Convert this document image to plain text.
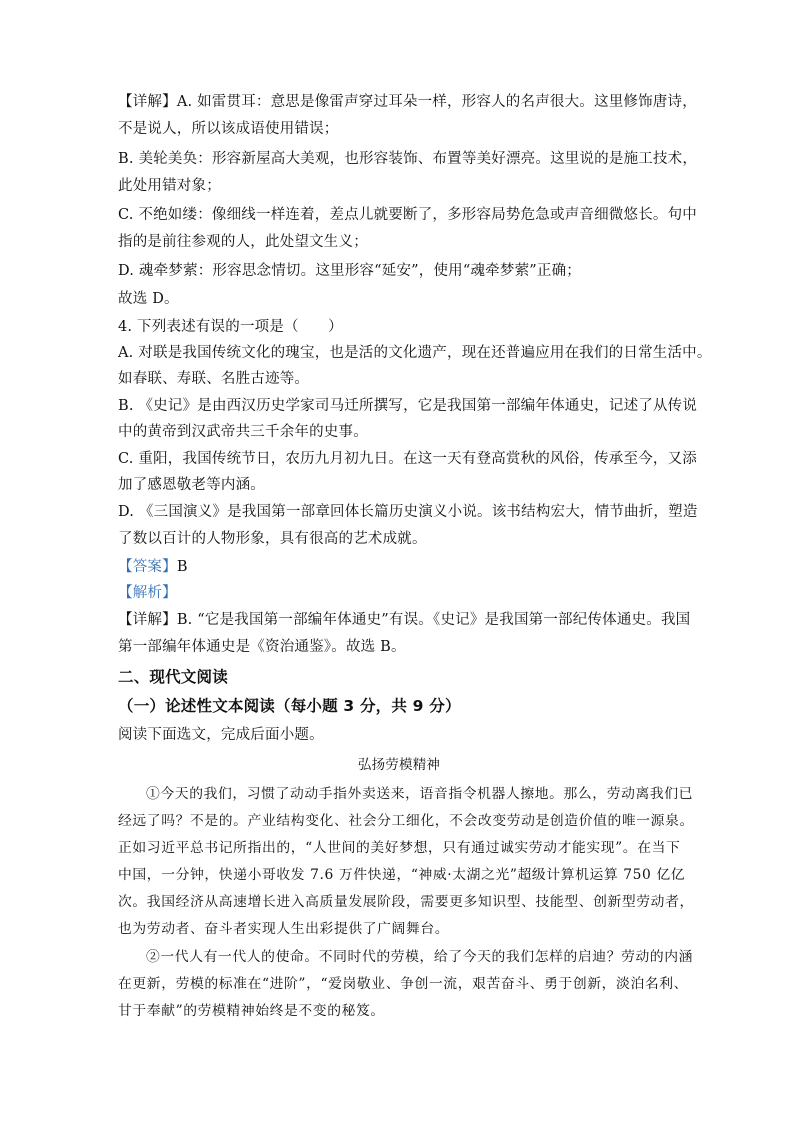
【详解】A. 如雷贯耳：意思是像雷声穿过耳朵一样，形容人的名声很大。这里修饰唐诗，
不是说人，所以该成语使用错误；
B. 美轮美奂：形容新屋高大美观，也形容装饰、布置等美好漂亮。这里说的是施工技术，
此处用错对象；
C. 不绝如缕：像细线一样连着，差点儿就要断了，多形容局势危急或声音细微悠长。句中
指的是前往参观的人，此处望文生义；
D. 魂牵梦萦：形容思念情切。这里形容“延安”，使用“魂牵梦萦”正确；
故选 D。
4. 下列表述有误的一项是（　　）
A. 对联是我国传统文化的瑰宝，也是活的文化遗产，现在还普遍应用在我们的日常生活中。
如春联、寿联、名胜古迹等。
B. 《史记》是由西汉历史学家司马迁所撰写，它是我国第一部编年体通史，记述了从传说
中的黄帝到汉武帝共三千余年的史事。
C. 重阳，我国传统节日，农历九月初九日。在这一天有登高赏秋的风俗，传承至今，又添
加了感恩敬老等内涵。
D. 《三国演义》是我国第一部章回体长篇历史演义小说。该书结构宏大，情节曲折，塑造
了数以百计的人物形象，具有很高的艺术成就。
【答案】B
【解析】
【详解】B. “它是我国第一部编年体通史”有误。《史记》是我国第一部纪传体通史。我国
第一部编年体通史是《资治通鉴》。故选 B。
二、现代文阅读
（一）论述性文本阅读（每小题 3 分，共 9 分）
阅读下面选文，完成后面小题。
弘扬劳模精神
①今天的我们，习惯了动动手指外卖送来，语音指令机器人擦地。那么，劳动离我们已
经远了吗？不是的。产业结构变化、社会分工细化，不会改变劳动是创造价值的唯一源泉。
正如习近平总书记所指出的，“人世间的美好梦想，只有通过诚实劳动才能实现”。在当下
中国，一分钟，快递小哥收发 7.6 万件快递，“神威·太湖之光”超级计算机运算 750 亿亿
次。我国经济从高速增长进入高质量发展阶段，需要更多知识型、技能型、创新型劳动者，
也为劳动者、奋斗者实现人生出彩提供了广阔舞台。
②一代人有一代人的使命。不同时代的劳模，给了今天的我们怎样的启迪？劳动的内涵
在更新，劳模的标准在“进阶”，“爱岗敬业、争创一流，艰苦奋斗、勇于创新，淡泊名利、
甘于奉献”的劳模精神始终是不变的秘笈。
